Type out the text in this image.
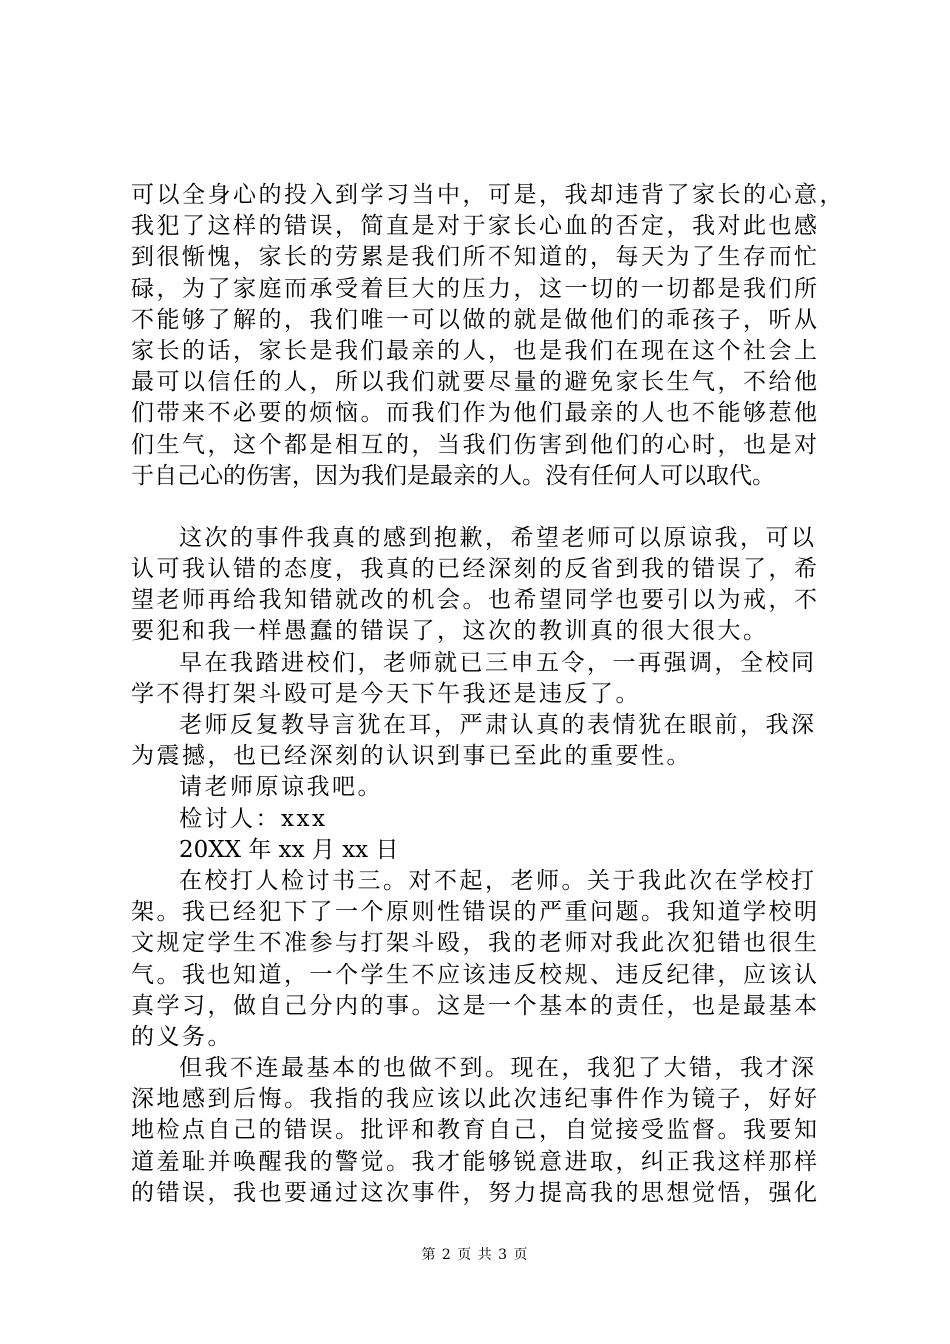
可以全身心的投入到学习当中，可是，我却违背了家长的心意，
我犯了这样的错误，简直是对于家长心血的否定，我对此也感
到很惭愧，家长的劳累是我们所不知道的，每天为了生存而忙
碌，为了家庭而承受着巨大的压力，这一切的一切都是我们所
不能够了解的，我们唯一可以做的就是做他们的乖孩子，听从
家长的话，家长是我们最亲的人，也是我们在现在这个社会上
最可以信任的人，所以我们就要尽量的避免家长生气，不给他
们带来不必要的烦恼。而我们作为他们最亲的人也不能够惹他
们生气，这个都是相互的，当我们伤害到他们的心时，也是对
于自己心的伤害，因为我们是最亲的人。没有任何人可以取代。
这次的事件我真的感到抱歉，希望老师可以原谅我，可以
认可我认错的态度，我真的已经深刻的反省到我的错误了，希
望老师再给我知错就改的机会。也希望同学也要引以为戒，不
要犯和我一样愚蠢的错误了，这次的教训真的很大很大。
早在我踏进校们，老师就已三申五令，一再强调，全校同
学不得打架斗殴可是今天下午我还是违反了。
老师反复教导言犹在耳，严肃认真的表情犹在眼前，我深
为震撼，也已经深刻的认识到事已至此的重要性。
请老师原谅我吧。
检讨人：xxx
20XX 年 xx 月 xx 日
在校打人检讨书三。对不起，老师。关于我此次在学校打
架。我已经犯下了一个原则性错误的严重问题。我知道学校明
文规定学生不准参与打架斗殴，我的老师对我此次犯错也很生
气。我也知道，一个学生不应该违反校规、违反纪律，应该认
真学习，做自己分内的事。这是一个基本的责任，也是最基本
的义务。
但我不连最基本的也做不到。现在，我犯了大错，我才深
深地感到后悔。我指的我应该以此次违纪事件作为镜子，好好
地检点自己的错误。批评和教育自己，自觉接受监督。我要知
道羞耻并唤醒我的警觉。我才能够锐意进取，纠正我这样那样
的错误，我也要通过这次事件，努力提高我的思想觉悟，强化
第 2 页 共 3 页
